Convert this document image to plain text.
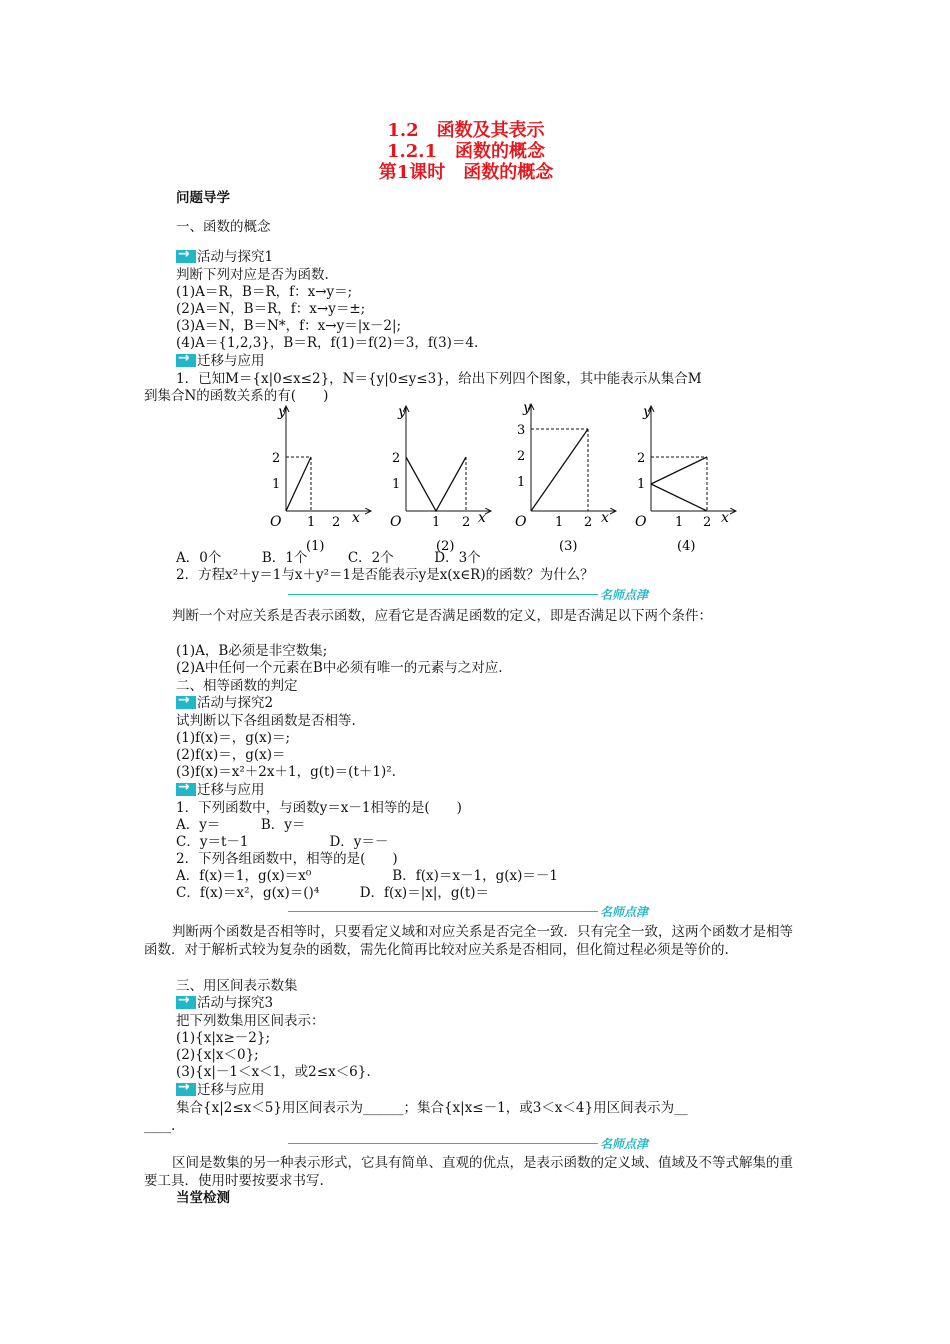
1.2　函数及其表示
1.2.1　函数的概念
第1课时　函数的概念
问题导学
一、函数的概念
→活动与探究1
判断下列对应是否为函数.
(1)A＝R，B＝R，f：x→y＝;
(2)A＝N，B＝R，f：x→y＝±;
(3)A＝N，B＝N*，f：x→y＝|x－2|;
(4)A＝{1,2,3}，B＝R，f(1)＝f(2)＝3，f(3)＝4.
→迁移与应用
1．已知M＝{x|0≤x≤2}，N＝{y|0≤y≤3}，给出下列四个图象，其中能表示从集合M
到集合N的函数关系的有(　　)
y
2
1
O 1 2 x
(1)
y
2
1
O 1 2 x
(2)
y
3
2
1
O 1 2 x
(3)
y
2
1
O 1 2 x
(4)
A．0个　　　B．1个　　　C．2个　　　D．3个
2．方程x²＋y＝1与x＋y²＝1是否能表示y是x(x∈R)的函数？为什么？
名师点津
判断一个对应关系是否表示函数，应看它是否满足函数的定义，即是否满足以下两个条件：
(1)A，B必须是非空数集;
(2)A中任何一个元素在B中必须有唯一的元素与之对应.
二、相等函数的判定
→活动与探究2
试判断以下各组函数是否相等.
(1)f(x)＝，g(x)＝;
(2)f(x)＝，g(x)＝
(3)f(x)＝x²＋2x＋1，g(t)＝(t＋1)².
→迁移与应用
1．下列函数中，与函数y＝x－1相等的是(　　)
A．y＝　　　B．y＝
C．y＝t－1　　　　　　D．y＝－
2．下列各组函数中，相等的是(　　)
A．f(x)＝1，g(x)＝x⁰　　　　　　B．f(x)＝x－1，g(x)＝－1
C．f(x)＝x²，g(x)＝()⁴　　　D．f(x)＝|x|，g(t)＝
名师点津
判断两个函数是否相等时，只要看定义域和对应关系是否完全一致．只有完全一致，这两个函数才是相等函数．对于解析式较为复杂的函数，需先化简再比较对应关系是否相同，但化简过程必须是等价的.
三、用区间表示数集
→活动与探究3
把下列数集用区间表示：
(1){x|x≥－2};
(2){x|x＜0};
(3){x|－1＜x＜1，或2≤x＜6}.
→迁移与应用
集合{x|2≤x＜5}用区间表示为______；集合{x|x≤－1，或3＜x＜4}用区间表示为__
____.
名师点津
区间是数集的另一种表示形式，它具有简单、直观的优点，是表示函数的定义域、值域及不等式解集的重要工具．使用时要按要求书写.
当堂检测
